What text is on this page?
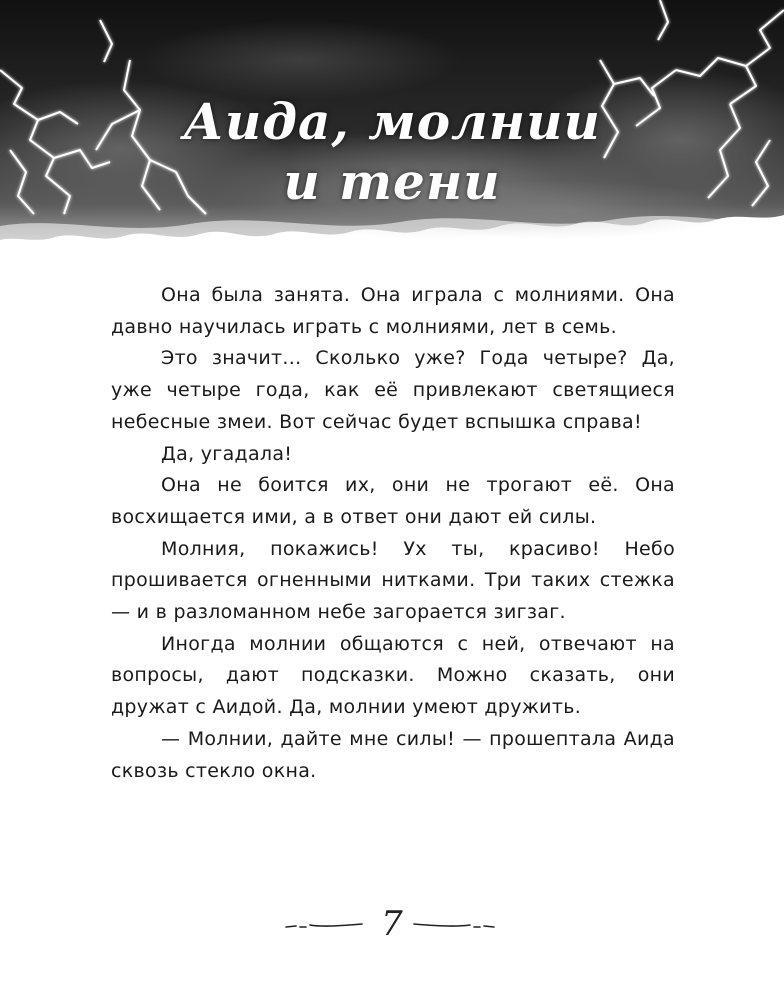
Аида, молнии
и тени

Она была занята. Она играла с молниями. Она давно научилась играть с молниями, лет в семь.

Это значит... Сколько уже? Года четыре? Да, уже четыре года, как её привлекают светящиеся небесные змеи. Вот сейчас будет вспышка справа!

Да, угадала!

Она не боится их, они не трогают её. Она восхищается ими, а в ответ они дают ей силы.

Молния, покажись! Ух ты, красиво! Небо прошивается огненными нитками. Три таких стежка — и в разломанном небе загорается зигзаг.

Иногда молнии общаются с ней, отвечают на вопросы, дают подсказки. Можно сказать, они дружат с Аидой. Да, молнии умеют дружить.

— Молнии, дайте мне силы! — прошептала Аида сквозь стекло окна.

7
